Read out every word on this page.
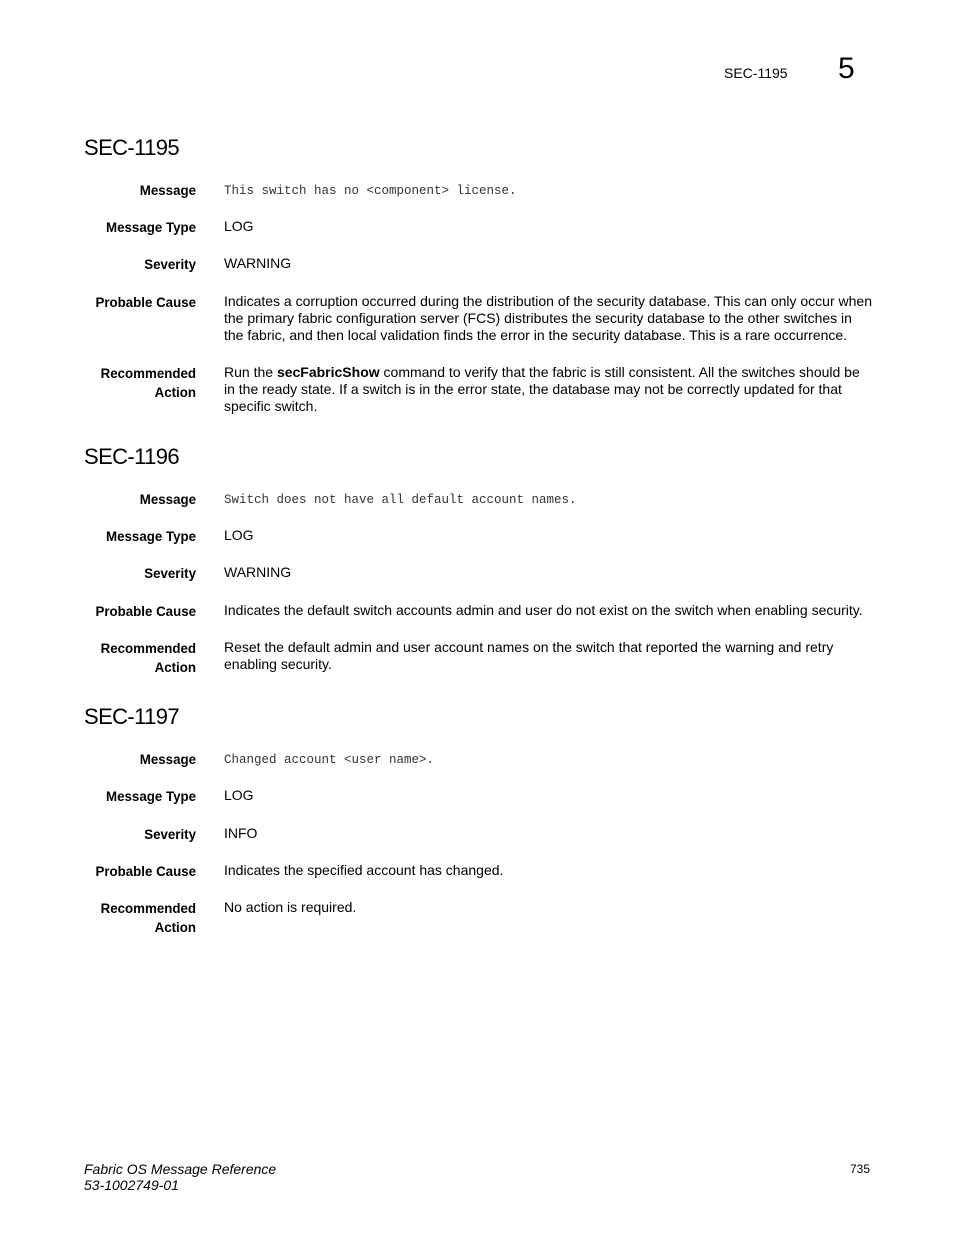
SEC-1195 5
SEC-1195
Message This switch has no <component> license.
Message Type LOG
Severity WARNING
Probable Cause Indicates a corruption occurred during the distribution of the security database. This can only occur when the primary fabric configuration server (FCS) distributes the security database to the other switches in the fabric, and then local validation finds the error in the security database. This is a rare occurrence.
Recommended
Action
Run the secFabricShow command to verify that the fabric is still consistent. All the switches should be in the ready state. If a switch is in the error state, the database may not be correctly updated for that specific switch.
SEC-1196
Message Switch does not have all default account names.
Message Type LOG
Severity WARNING
Probable Cause Indicates the default switch accounts admin and user do not exist on the switch when enabling security.
Recommended
Action
Reset the default admin and user account names on the switch that reported the warning and retry enabling security.
SEC-1197
Message Changed account <user name>.
Message Type LOG
Severity INFO
Probable Cause Indicates the specified account has changed.
Recommended
Action
No action is required.
Fabric OS Message Reference
53-1002749-01
735
